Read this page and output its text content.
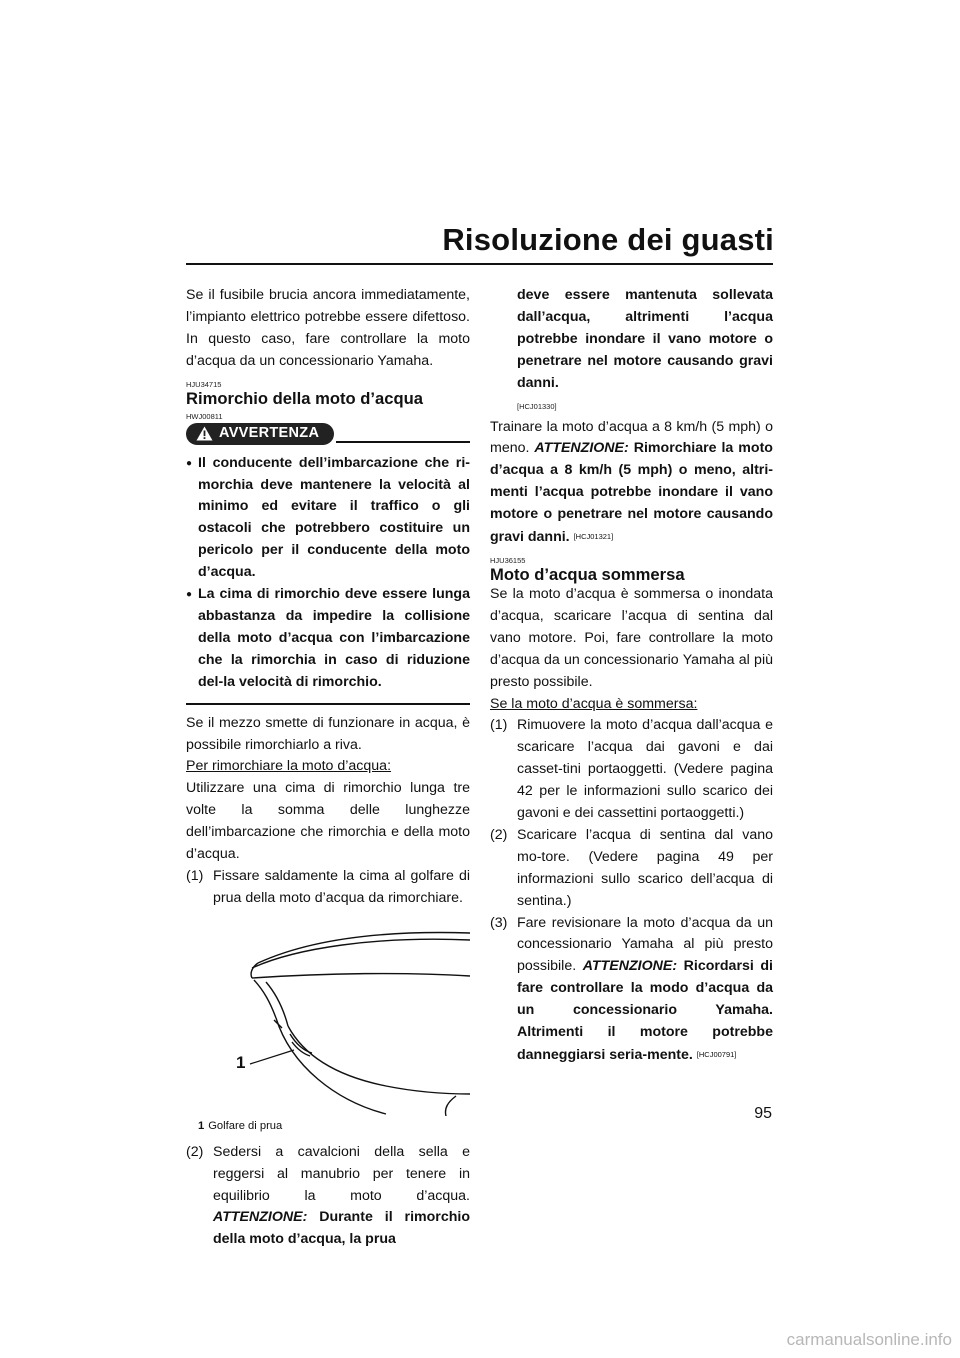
Risoluzione dei guasti

Se il fusibile brucia ancora immediatamente, l’impianto elettrico potrebbe essere difettoso. In questo caso, fare controllare la moto d’acqua da un concessionario Yamaha.

HJU34715
Rimorchio della moto d’acqua
HWJ00811
AVVERTENZA
● Il conducente dell’imbarcazione che ri-morchia deve mantenere la velocità al minimo ed evitare il traffico o gli ostacoli che potrebbero costituire un pericolo per il conducente della moto d’acqua.
● La cima di rimorchio deve essere lunga abbastanza da impedire la collisione della moto d’acqua con l’imbarcazione che la rimorchia in caso di riduzione del-la velocità di rimorchio.

Se il mezzo smette di funzionare in acqua, è possibile rimorchiarlo a riva.

Per rimorchiare la moto d’acqua:

Utilizzare una cima di rimorchio lunga tre volte la somma delle lunghezze dell’imbarcazione che rimorchia e della moto d’acqua.

(1) Fissare saldamente la cima al golfare di prua della moto d’acqua da rimorchiare.
1
1 Golfare di prua
(2) Sedersi a cavalcioni della sella e reggersi al manubrio per tenere in equilibrio la moto d’acqua. ATTENZIONE: Durante il rimorchio della moto d’acqua, la prua
deve essere mantenuta sollevata dall’acqua, altrimenti l’acqua potrebbe inondare il vano motore o penetrare nel motore causando gravi danni.
[HCJ01330]

Trainare la moto d’acqua a 8 km/h (5 mph) o meno. ATTENZIONE: Rimorchiare la moto d’acqua a 8 km/h (5 mph) o meno, altri-menti l’acqua potrebbe inondare il vano motore o penetrare nel motore causando gravi danni. [HCJ01321]

HJU36155
Moto d’acqua sommersa

Se la moto d’acqua è sommersa o inondata d’acqua, scaricare l’acqua di sentina dal vano motore. Poi, fare controllare la moto d’acqua da un concessionario Yamaha al più presto possibile.

Se la moto d’acqua è sommersa:

(1) Rimuovere la moto d’acqua dall’acqua e scaricare l’acqua dai gavoni e dai casset-tini portaoggetti. (Vedere pagina 42 per le informazioni sullo scarico dei gavoni e dei cassettini portaoggetti.)
(2) Scaricare l’acqua di sentina dal vano mo-tore. (Vedere pagina 49 per informazioni sullo scarico dell’acqua di sentina.)
(3) Fare revisionare la moto d’acqua da un concessionario Yamaha al più presto possibile. ATTENZIONE: Ricordarsi di fare controllare la modo d’acqua da un concessionario Yamaha. Altrimenti il motore potrebbe danneggiarsi seria-mente. [HCJ00791]
95
carmanualsonline.info
